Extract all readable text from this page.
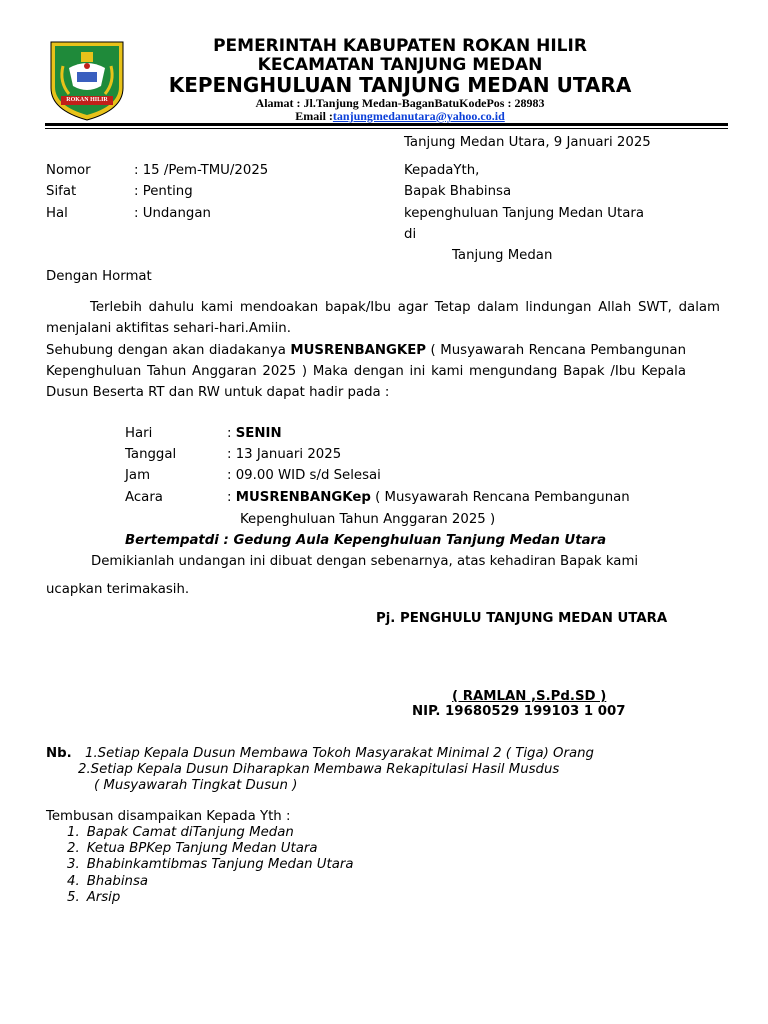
ROKAN HILIR
PEMERINTAH KABUPATEN ROKAN HILIR
KECAMATAN TANJUNG MEDAN
KEPENGHULUAN TANJUNG MEDAN UTARA
Alamat : Jl.Tanjung Medan-BaganBatuKodePos : 28983
Email :tanjungmedanutara@yahoo.co.id
Tanjung Medan Utara, 9 Januari 2025
Nomor	: 15 /Pem-TMU/2025
Sifat	: Penting
Hal	: Undangan
KepadaYth,
Bapak Bhabinsa
kepenghuluan Tanjung Medan Utara
di
Tanjung Medan
Dengan Hormat
Terlebih dahulu kami mendoakan bapak/Ibu agar Tetap dalam lindungan Allah SWT, dalam menjalani aktifitas sehari-hari.Amiin.
Sehubung dengan akan diadakanya MUSRENBANGKEP ( Musyawarah Rencana Pembangunan Kepenghuluan Tahun Anggaran 2025 ) Maka dengan ini kami mengundang Bapak /Ibu Kepala Dusun Beserta RT dan RW untuk dapat hadir pada :
Hari	: SENIN
Tanggal	: 13 Januari 2025
Jam	: 09.00 WID s/d Selesai
Acara	: MUSRENBANGKep ( Musyawarah Rencana Pembangunan
Kepenghuluan Tahun Anggaran 2025 )
Bertempatdi : Gedung Aula Kepenghuluan Tanjung Medan Utara
Demikianlah undangan ini dibuat dengan sebenarnya, atas kehadiran Bapak kami
ucapkan terimakasih.
Pj. PENGHULU TANJUNG MEDAN UTARA
( RAMLAN ,S.Pd.SD )
NIP. 19680529 199103 1 007
Nb. 1.Setiap Kepala Dusun Membawa Tokoh Masyarakat Minimal 2 ( Tiga) Orang
2.Setiap Kepala Dusun Diharapkan Membawa Rekapitulasi Hasil Musdus
( Musyawarah Tingkat Dusun )
Tembusan disampaikan Kepada Yth :
1. Bapak Camat diTanjung Medan
2. Ketua BPKep Tanjung Medan Utara
3. Bhabinkamtibmas Tanjung Medan Utara
4. Bhabinsa
5. Arsip
